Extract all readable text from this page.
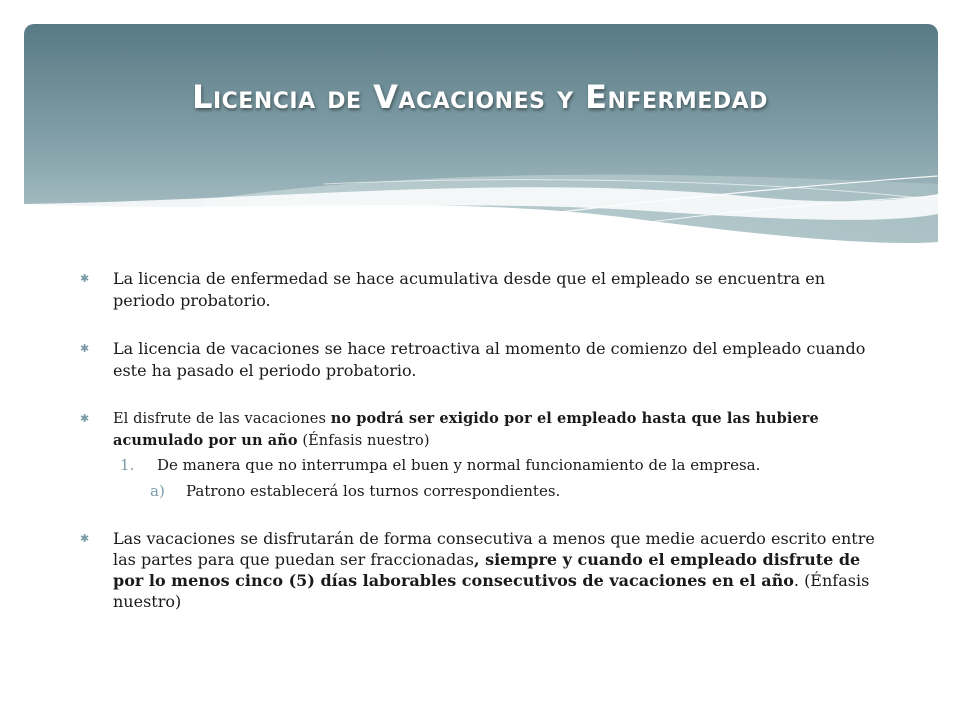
Licencia de Vacaciones y Enfermedad
✱ La licencia de enfermedad se hace acumulativa desde que el empleado se encuentra en periodo probatorio.
✱ La licencia de vacaciones se hace retroactiva al momento de comienzo del empleado cuando este ha pasado el periodo probatorio.
✱ El disfrute de las vacaciones no podrá ser exigido por el empleado hasta que las hubiere acumulado por un año (Énfasis nuestro)
1. De manera que no interrumpa el buen y normal funcionamiento de la empresa.
a) Patrono establecerá los turnos correspondientes.
✱ Las vacaciones se disfrutarán de forma consecutiva a menos que medie acuerdo escrito entre las partes para que puedan ser fraccionadas, siempre y cuando el empleado disfrute de por lo menos cinco (5) días laborables consecutivos de vacaciones en el año. (Énfasis nuestro)
